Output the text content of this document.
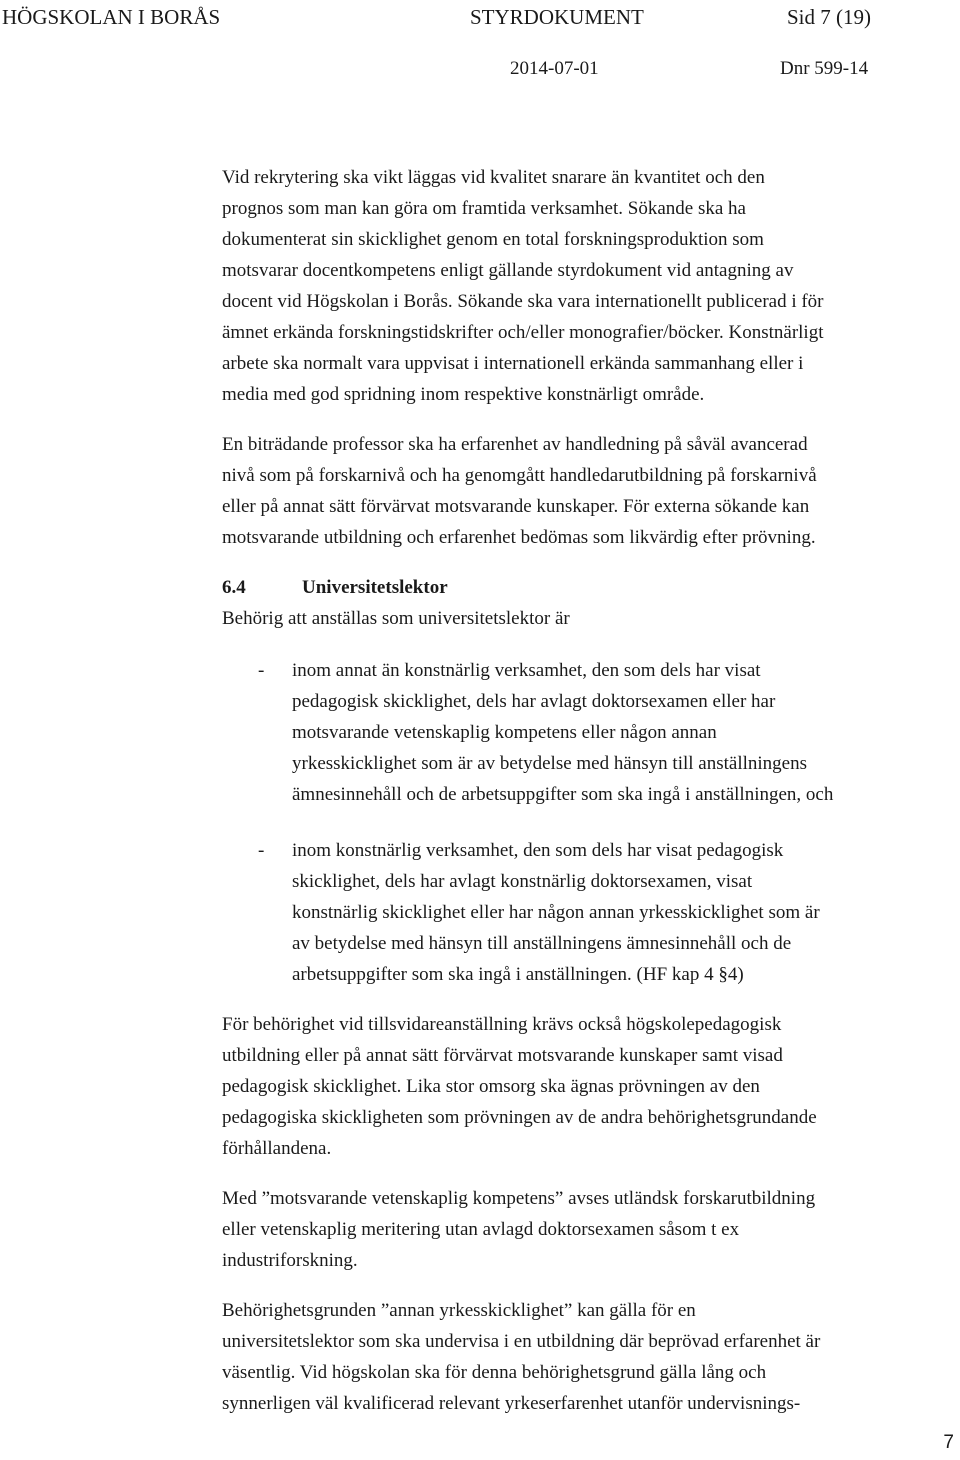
HÖGSKOLAN I BORÅS	STYRDOKUMENT	Sid 7 (19)
2014-07-01	Dnr 599-14

Vid rekrytering ska vikt läggas vid kvalitet snarare än kvantitet och den
prognos som man kan göra om framtida verksamhet. Sökande ska ha
dokumenterat sin skicklighet genom en total forskningsproduktion som
motsvarar docentkompetens enligt gällande styrdokument vid antagning av
docent vid Högskolan i Borås. Sökande ska vara internationellt publicerad i för
ämnet erkända forskningstidskrifter och/eller monografier/böcker. Konstnärligt
arbete ska normalt vara uppvisat i internationell erkända sammanhang eller i
media med god spridning inom respektive konstnärligt område.

En biträdande professor ska ha erfarenhet av handledning på såväl avancerad
nivå som på forskarnivå och ha genomgått handledarutbildning på forskarnivå
eller på annat sätt förvärvat motsvarande kunskaper. För externa sökande kan
motsvarande utbildning och erfarenhet bedömas som likvärdig efter prövning.

6.4	Universitetslektor

Behörig att anställas som universitetslektor är

- inom annat än konstnärlig verksamhet, den som dels har visat
pedagogisk skicklighet, dels har avlagt doktorsexamen eller har
motsvarande vetenskaplig kompetens eller någon annan
yrkesskicklighet som är av betydelse med hänsyn till anställningens
ämnesinnehåll och de arbetsuppgifter som ska ingå i anställningen, och
- inom konstnärlig verksamhet, den som dels har visat pedagogisk
skicklighet, dels har avlagt konstnärlig doktorsexamen, visat
konstnärlig skicklighet eller har någon annan yrkesskicklighet som är
av betydelse med hänsyn till anställningens ämnesinnehåll och de
arbetsuppgifter som ska ingå i anställningen. (HF kap 4 §4)

För behörighet vid tillsvidareanställning krävs också högskolepedagogisk
utbildning eller på annat sätt förvärvat motsvarande kunskaper samt visad
pedagogisk skicklighet. Lika stor omsorg ska ägnas prövningen av den
pedagogiska skickligheten som prövningen av de andra behörighetsgrundande
förhållandena.

Med ”motsvarande vetenskaplig kompetens” avses utländsk forskarutbildning
eller vetenskaplig meritering utan avlagd doktorsexamen såsom t ex
industriforskning.

Behörighetsgrunden ”annan yrkesskicklighet” kan gälla för en
universitetslektor som ska undervisa i en utbildning där beprövad erfarenhet är
väsentlig. Vid högskolan ska för denna behörighetsgrund gälla lång och
synnerligen väl kvalificerad relevant yrkeserfarenhet utanför undervisnings-

7
